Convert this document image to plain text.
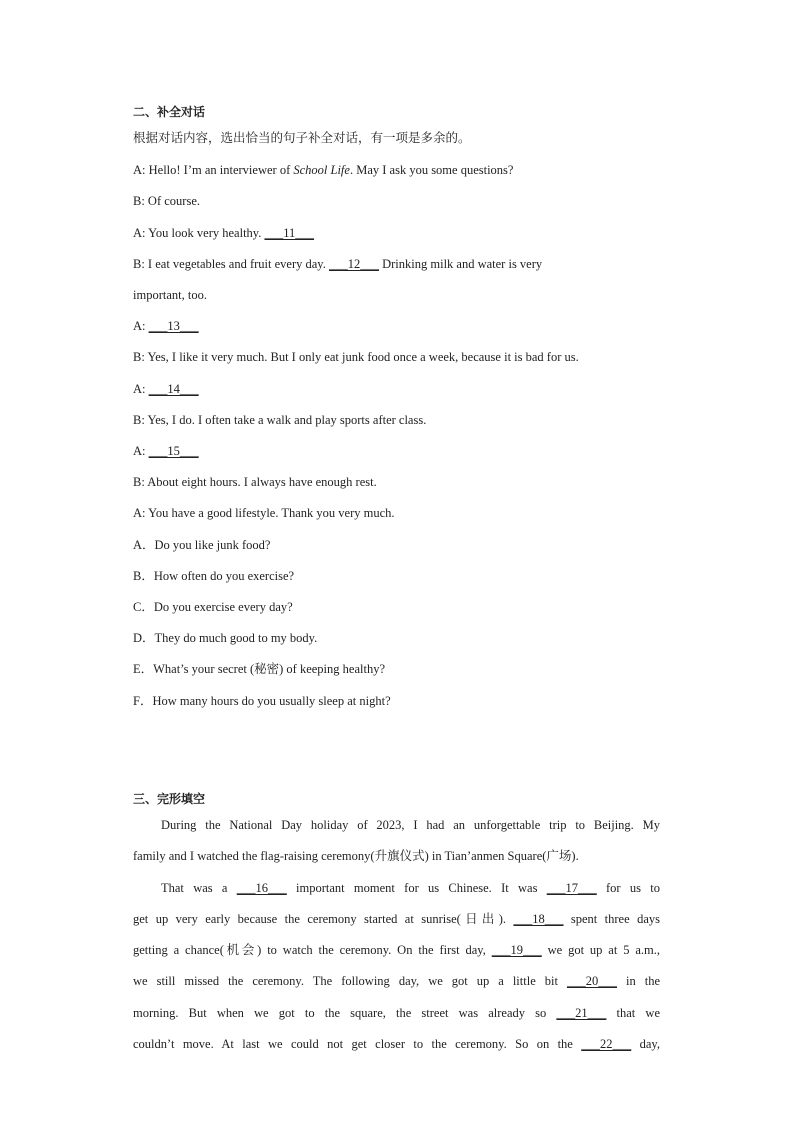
二、补全对话
根据对话内容，选出恰当的句子补全对话，有一项是多余的。
A: Hello! I’m an interviewer of School Life. May I ask you some questions?
B: Of course.
A: You look very healthy. ___11___
B: I eat vegetables and fruit every day. ___12___ Drinking milk and water is very
important, too.
A: ___13___
B: Yes, I like it very much. But I only eat junk food once a week, because it is bad for us.
A: ___14___
B: Yes, I do. I often take a walk and play sports after class.
A: ___15___
B: About eight hours. I always have enough rest.
A: You have a good lifestyle. Thank you very much.
A．Do you like junk food?
B．How often do you exercise?
C．Do you exercise every day?
D．They do much good to my body.
E．What’s your secret (秘密) of keeping healthy?
F．How many hours do you usually sleep at night?
三、完形填空
During the National Day holiday of 2023, I had an unforgettable trip to Beijing. My
family and I watched the flag-raising ceremony(升旗仪式) in Tian’anmen Square(广场).
That was a ___16___ important moment for us Chinese. It was ___17___ for us to
get up very early because the ceremony started at sunrise(日出). ___18___ spent three days
getting a chance(机会) to watch the ceremony. On the first day, ___19___ we got up at 5 a.m.,
we still missed the ceremony. The following day, we got up a little bit ___20___ in the
morning. But when we got to the square, the street was already so ___21___ that we
couldn’t move. At last we could not get closer to the ceremony. So on the ___22___ day,
